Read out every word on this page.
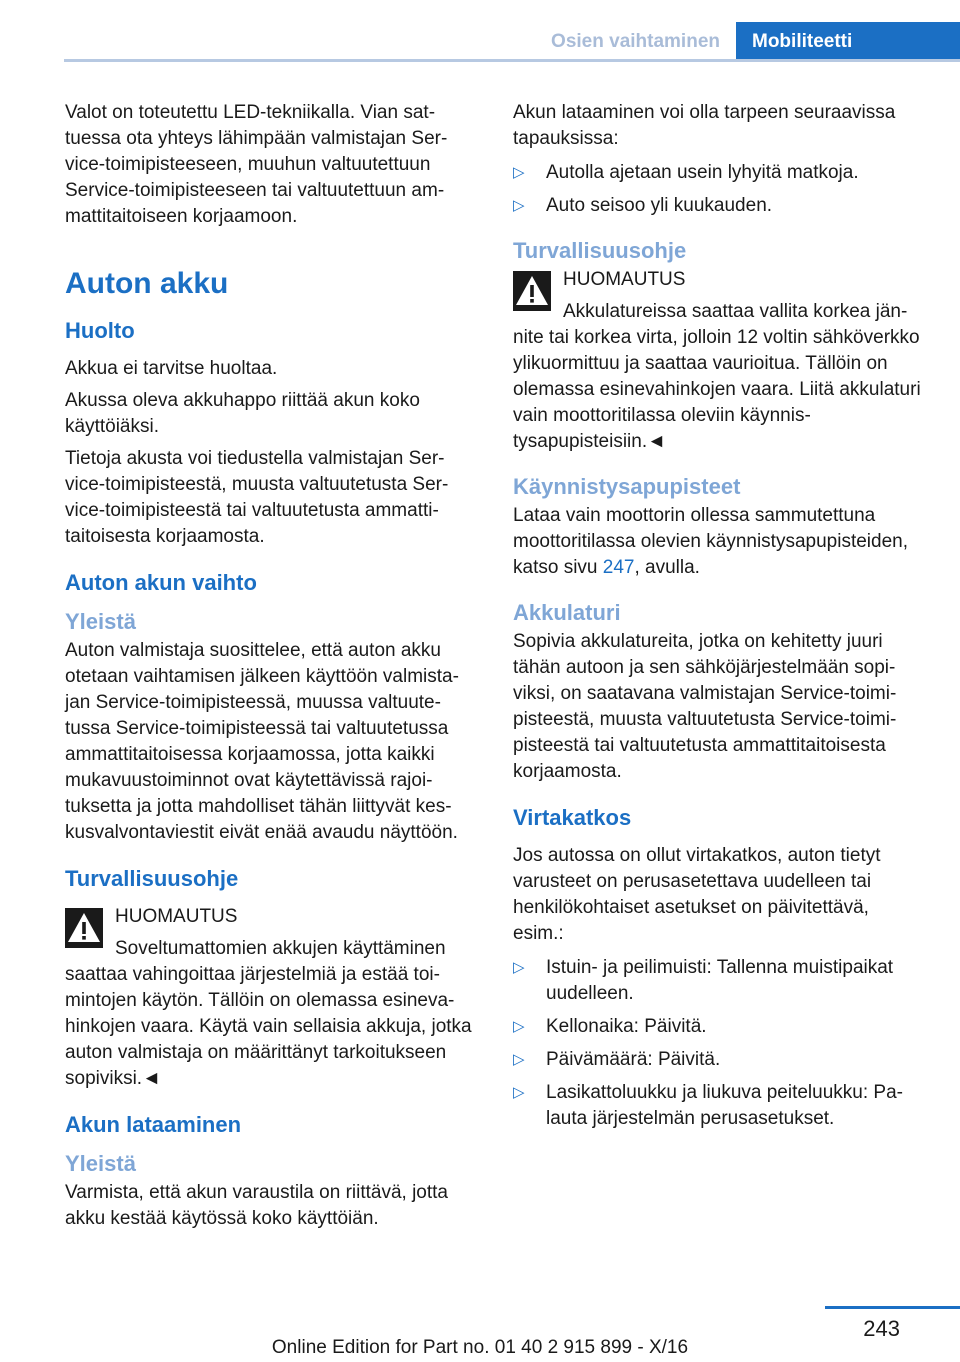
Osien vaihtaminen	Mobiliteetti

Valot on toteutettu LED-tekniikalla. Vian sattuessa ota yhteys lähimpään valmistajan Service-toimipisteeseen, muuhun valtuutettuun Service-toimipisteeseen tai valtuutettuun ammattitaitoiseen korjaamoon.

Auton akku
Huolto

Akkua ei tarvitse huoltaa.

Akussa oleva akkuhappo riittää akun koko käyttöiäksi.

Tietoja akusta voi tiedustella valmistajan Service-toimipisteestä, muusta valtuutetusta Service-toimipisteestä tai valtuutetusta ammattitaitoisesta korjaamosta.

Auton akun vaihto
Yleistä

Auton valmistaja suosittelee, että auton akku otetaan vaihtamisen jälkeen käyttöön valmistajan Service-toimipisteessä, muussa valtuutetussa Service-toimipisteessä tai valtuutetussa ammattitaitoisessa korjaamossa, jotta kaikki mukavuustoiminnot ovat käytettävissä rajoituksetta ja jotta mahdolliset tähän liittyvät keskusvalvontaviestit eivät enää avaudu näyttöön.

Turvallisuusohje

HUOMAUTUS

Soveltumattomien akkujen käyttäminen saattaa vahingoittaa järjestelmiä ja estää toimintojen käytön. Tällöin on olemassa esinevahinkojen vaara. Käytä vain sellaisia akkuja, jotka auton valmistaja on määrittänyt tarkoitukseen sopiviksi.◄

Akun lataaminen
Yleistä

Varmista, että akun varaustila on riittävä, jotta akku kestää käytössä koko käyttöiän.

Akun lataaminen voi olla tarpeen seuraavissa tapauksissa:

▷ Autolla ajetaan usein lyhyitä matkoja.
▷ Auto seisoo yli kuukauden.
Turvallisuusohje

HUOMAUTUS

Akkulatureissa saattaa vallita korkea jännite tai korkea virta, jolloin 12 voltin sähköverkko ylikuormittuu ja saattaa vaurioitua. Tällöin on olemassa esinevahinkojen vaara. Liitä akkulaturi vain moottoritilassa oleviin käynnistysapupisteisiin.◄

Käynnistysapupisteet

Lataa vain moottorin ollessa sammutettuna moottoritilassa olevien käynnistysapupisteiden, katso sivu 247, avulla.

Akkulaturi

Sopivia akkulatureita, jotka on kehitetty juuri tähän autoon ja sen sähköjärjestelmään sopiviksi, on saatavana valmistajan Service-toimipisteestä, muusta valtuutetusta Service-toimipisteestä tai valtuutetusta ammattitaitoisesta korjaamosta.

Virtakatkos

Jos autossa on ollut virtakatkos, auton tietyt varusteet on perusasetettava uudelleen tai henkilökohtaiset asetukset on päivitettävä, esim.:

▷ Istuin- ja peilimuisti: Tallenna muistipaikat uudelleen.
▷ Kellonaika: Päivitä.
▷ Päivämäärä: Päivitä.
▷ Lasikattoluukku ja liukuva peiteluukku: Palauta järjestelmän perusasetukset.
243
Online Edition for Part no. 01 40 2 915 899 - X/16
